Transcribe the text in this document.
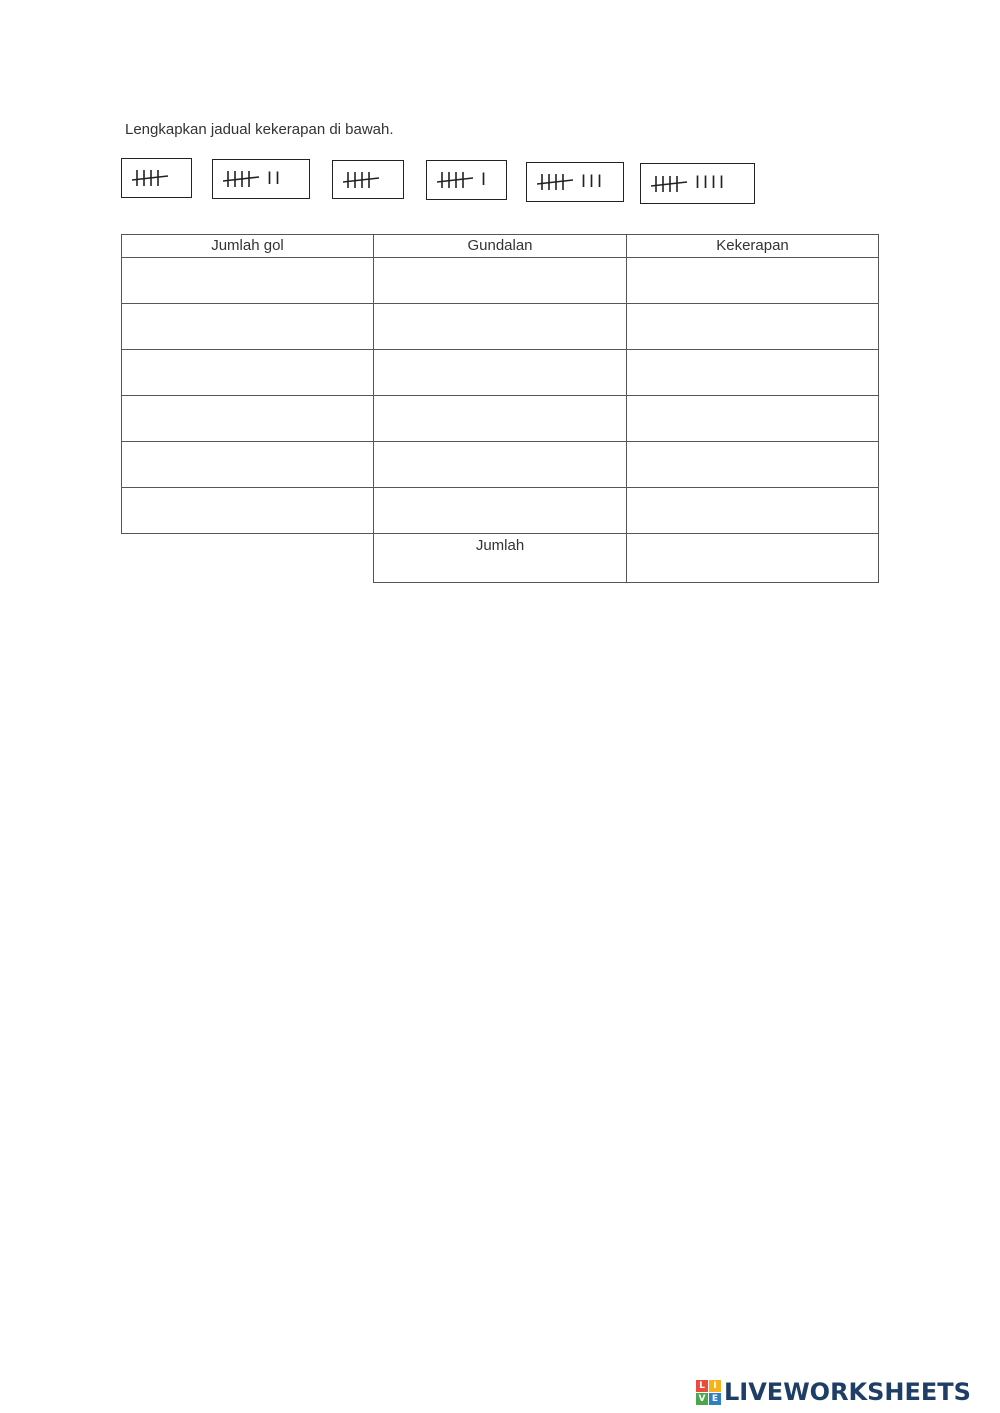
Lengkapkan jadual kekerapan di bawah.
II	I	III	IIII
Jumlah gol	Gundalan	Kekerapan

	Jumlah	
L I
V E LIVEWORKSHEETS
